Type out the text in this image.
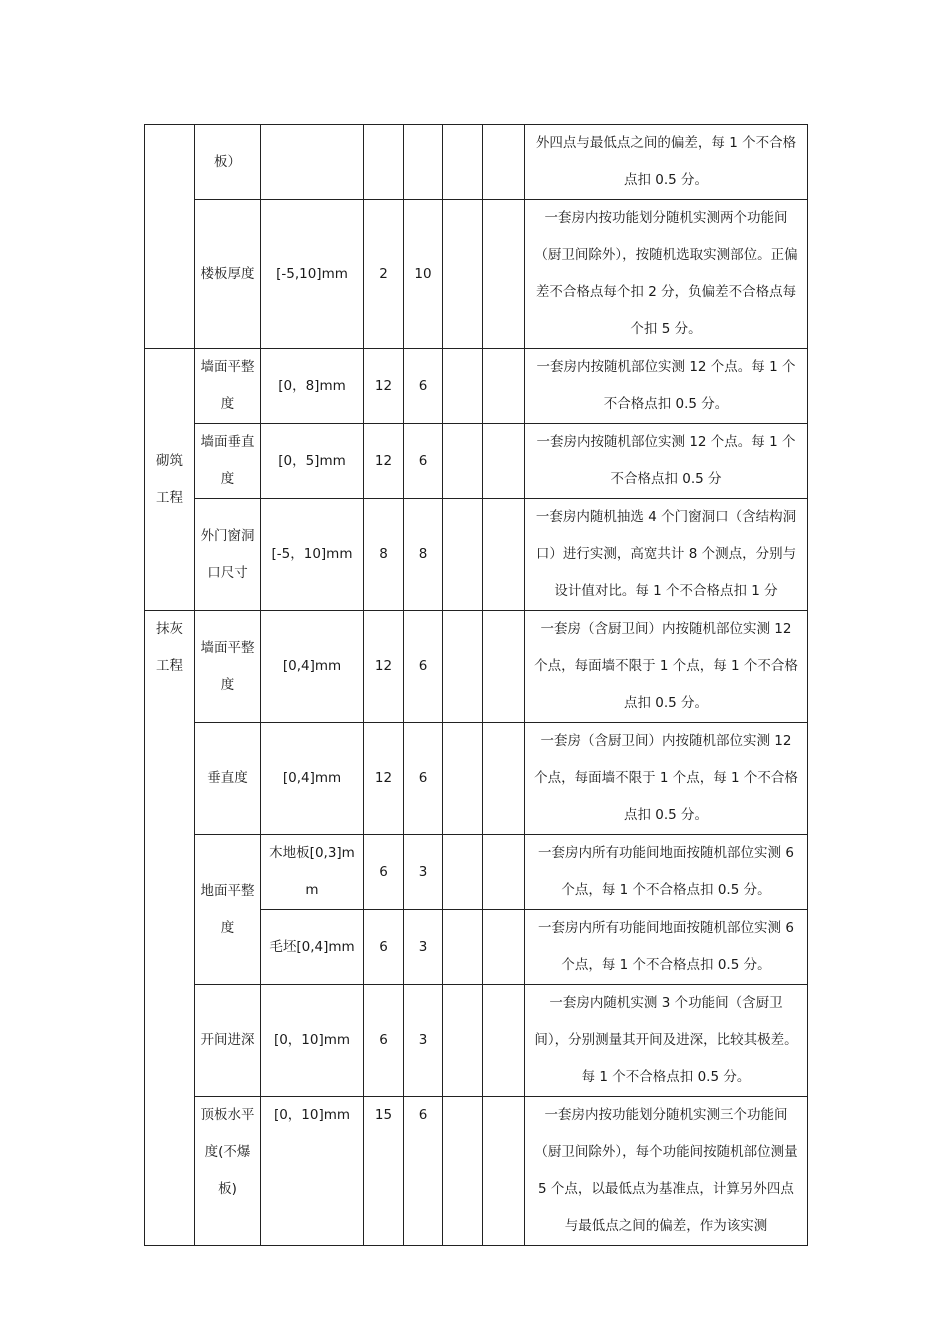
	板）						外四点与最低点之间的偏差，每 1 个不合格点扣 0.5 分。
	楼板厚度	[-5,10]mm	2	10			一套房内按功能划分随机实测两个功能间（厨卫间除外），按随机选取实测部位。正偏差不合格点每个扣 2 分，负偏差不合格点每个扣 5 分。
砌筑工程	墙面平整度	[0，8]mm	12	6			一套房内按随机部位实测 12 个点。每 1 个不合格点扣 0.5 分。
	墙面垂直度	[0，5]mm	12	6			一套房内按随机部位实测 12 个点。每 1 个不合格点扣 0.5 分
	外门窗洞口尺寸	[-5，10]mm	8	8			一套房内随机抽选 4 个门窗洞口（含结构洞口）进行实测，高宽共计 8 个测点，分别与设计值对比。每 1 个不合格点扣 1 分
抹灰工程	墙面平整度	[0,4]mm	12	6			一套房（含厨卫间）内按随机部位实测 12 个点，每面墙不限于 1 个点，每 1 个不合格点扣 0.5 分。
	垂直度	[0,4]mm	12	6			一套房（含厨卫间）内按随机部位实测 12 个点，每面墙不限于 1 个点，每 1 个不合格点扣 0.5 分。
	地面平整度	木地板[0,3]mm	6	3			一套房内所有功能间地面按随机部位实测 6 个点，每 1 个不合格点扣 0.5 分。
		毛坯[0,4]mm	6	3			一套房内所有功能间地面按随机部位实测 6 个点，每 1 个不合格点扣 0.5 分。
	开间进深	[0，10]mm	6	3			一套房内随机实测 3 个功能间（含厨卫间），分别测量其开间及进深，比较其极差。每 1 个不合格点扣 0.5 分。
	顶板水平度(不爆板)	[0，10]mm	15	6			一套房内按功能划分随机实测三个功能间（厨卫间除外），每个功能间按随机部位测量 5 个点，以最低点为基准点，计算另外四点与最低点之间的偏差，作为该实测
